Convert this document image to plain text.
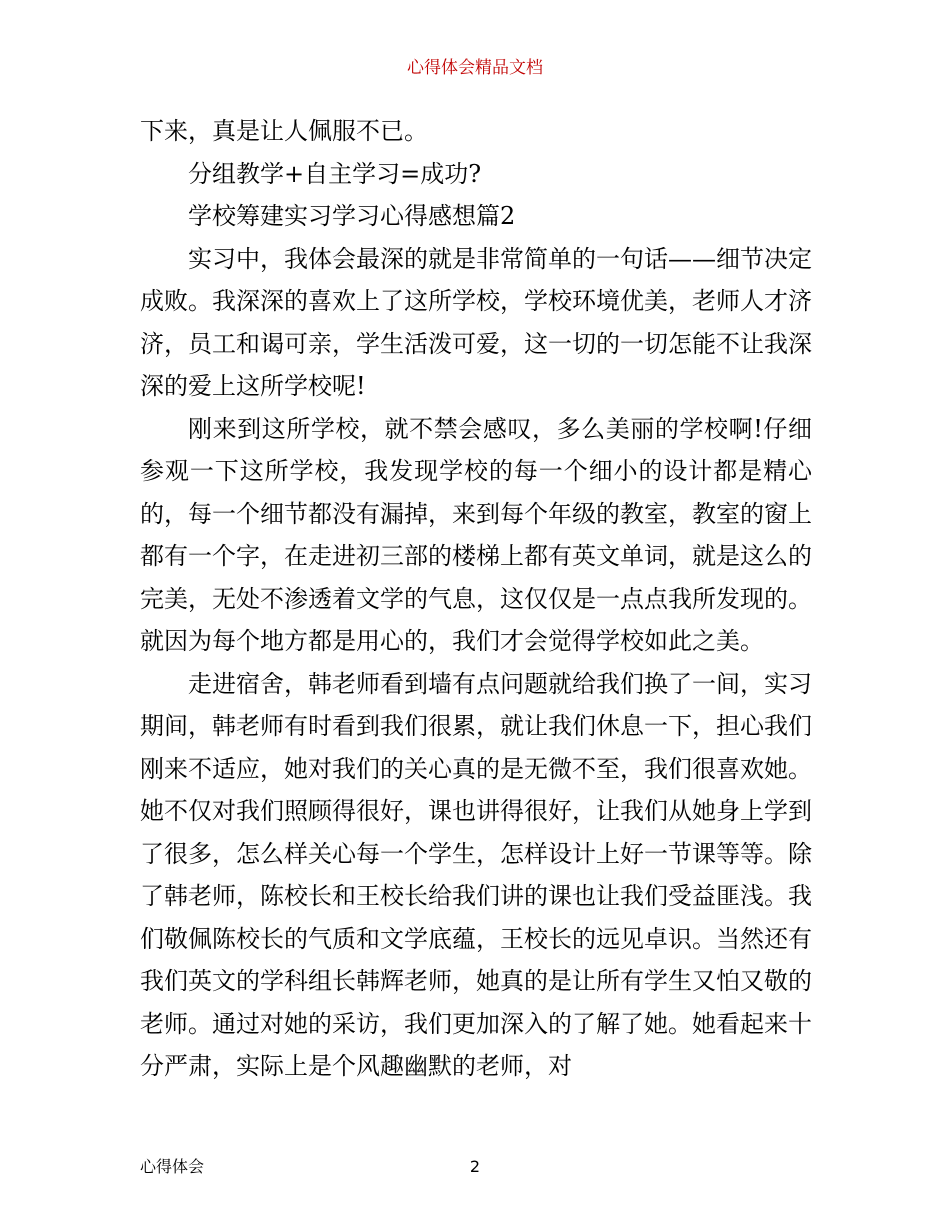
心得体会精品文档

下来，真是让人佩服不已。

分组教学+自主学习=成功?

学校筹建实习学习心得感想篇2

实习中，我体会最深的就是非常简单的一句话——细节决定成败。我深深的喜欢上了这所学校，学校环境优美，老师人才济济，员工和谒可亲，学生活泼可爱，这一切的一切怎能不让我深深的爱上这所学校呢!

刚来到这所学校，就不禁会感叹，多么美丽的学校啊!仔细参观一下这所学校，我发现学校的每一个细小的设计都是精心的，每一个细节都没有漏掉，来到每个年级的教室，教室的窗上都有一个字，在走进初三部的楼梯上都有英文单词，就是这么的完美，无处不渗透着文学的气息，这仅仅是一点点我所发现的。就因为每个地方都是用心的，我们才会觉得学校如此之美。

走进宿舍，韩老师看到墙有点问题就给我们换了一间，实习期间，韩老师有时看到我们很累，就让我们休息一下，担心我们刚来不适应，她对我们的关心真的是无微不至，我们很喜欢她。她不仅对我们照顾得很好，课也讲得很好，让我们从她身上学到了很多，怎么样关心每一个学生，怎样设计上好一节课等等。除了韩老师，陈校长和王校长给我们讲的课也让我们受益匪浅。我们敬佩陈校长的气质和文学底蕴，王校长的远见卓识。当然还有我们英文的学科组长韩辉老师，她真的是让所有学生又怕又敬的老师。通过对她的采访，我们更加深入的了解了她。她看起来十分严肃，实际上是个风趣幽默的老师，对

心得体会	2
